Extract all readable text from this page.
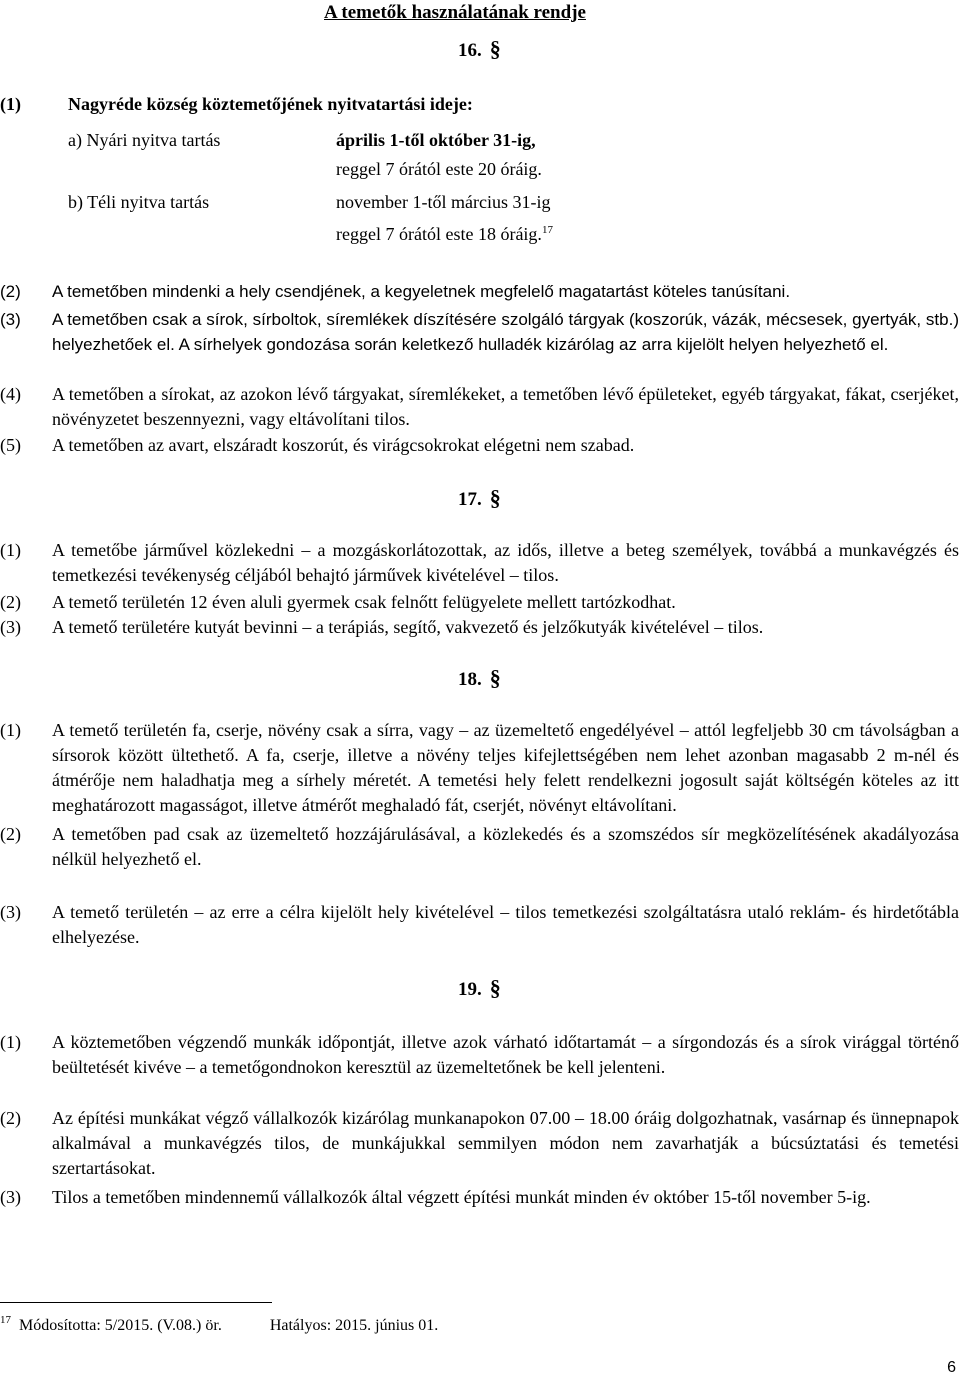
A temetők használatának rendje
16. §
(1)	Nagyréde község köztemetőjének nyitvatartási ideje:
a) Nyári nyitva tartás	április 1-től október 31-ig,
reggel 7 órától este 20 óráig.
b) Téli nyitva tartás	november 1-től március 31-ig
reggel 7 órától este 18 óráig.$^{17}$
(2) A temetőben mindenki a hely csendjének, a kegyeletnek megfelelő magatartást köteles tanúsítani.
(3) A temetőben csak a sírok, sírboltok, síremlékek díszítésére szolgáló tárgyak (koszorúk, vázák, mécsesek, gyertyák, stb.) helyezhetőek el. A sírhelyek gondozása során keletkező hulladék kizárólag az arra kijelölt helyen helyezhető el.
(4) A temetőben a sírokat, az azokon lévő tárgyakat, síremlékeket, a temetőben lévő épületeket, egyéb tárgyakat, fákat, cserjéket, növényzetet beszennyezni, vagy eltávolítani tilos.
(5) A temetőben az avart, elszáradt koszorút, és virágcsokrokat elégetni nem szabad.
17. §
(1) A temetőbe járművel közlekedni – a mozgáskorlátozottak, az idős, illetve a beteg személyek, továbbá a munkavégzés és temetkezési tevékenység céljából behajtó járművek kivételével – tilos.
(2) A temető területén 12 éven aluli gyermek csak felnőtt felügyelete mellett tartózkodhat.
(3) A temető területére kutyát bevinni – a terápiás, segítő, vakvezető és jelzőkutyák kivételével – tilos.
18. §
(1) A temető területén fa, cserje, növény csak a sírra, vagy – az üzemeltető engedélyével – attól legfeljebb 30 cm távolságban a sírsorok között ültethető. A fa, cserje, illetve a növény teljes kifejlettségében nem lehet azonban magasabb 2 m-nél és átmérője nem haladhatja meg a sírhely méretét. A temetési hely felett rendelkezni jogosult saját költségén köteles az itt meghatározott magasságot, illetve átmérőt meghaladó fát, cserjét, növényt eltávolítani.
(2) A temetőben pad csak az üzemeltető hozzájárulásával, a közlekedés és a szomszédos sír megközelítésének akadályozása nélkül helyezhető el.
(3) A temető területén – az erre a célra kijelölt hely kivételével – tilos temetkezési szolgáltatásra utaló reklám- és hirdetőtábla elhelyezése.
19. §
(1) A köztemetőben végzendő munkák időpontját, illetve azok várható időtartamát – a sírgondozás és a sírok virággal történő beültetését kivéve – a temetőgondnokon keresztül az üzemeltetőnek be kell jelenteni.
(2) Az építési munkákat végző vállalkozók kizárólag munkanapokon 07.00 – 18.00 óráig dolgozhatnak, vasárnap és ünnepnapok alkalmával a munkavégzés tilos, de munkájukkal semmilyen módon nem zavarhatják a búcsúztatási és temetési szertartásokat.
(3) Tilos a temetőben mindennemű vállalkozók által végzett építési munkát minden év október 15-től november 5-ig.
$^{17}$ Módosította: 5/2015. (V.08.) ör.	Hatályos: 2015. június 01.
6
